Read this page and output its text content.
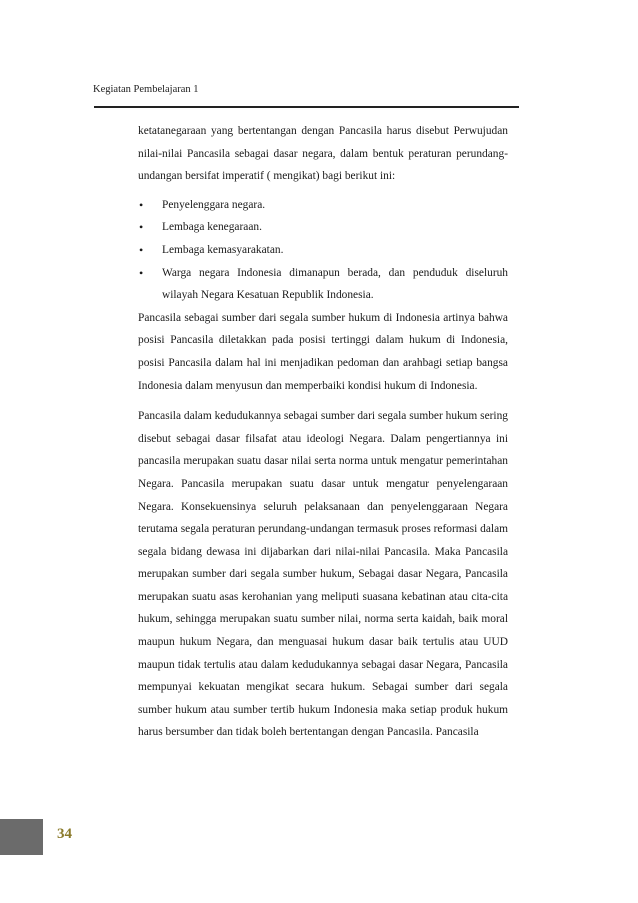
Kegiatan Pembelajaran 1

ketatanegaraan yang bertentangan dengan Pancasila harus disebut Perwujudan nilai-nilai Pancasila sebagai dasar negara, dalam bentuk peraturan perundang-undangan bersifat imperatif ( mengikat) bagi berikut ini:

• Penyelenggara negara.
• Lembaga kenegaraan.
• Lembaga kemasyarakatan.
• Warga negara Indonesia dimanapun berada, dan penduduk diseluruh wilayah Negara Kesatuan Republik Indonesia.

Pancasila sebagai sumber dari segala sumber hukum di Indonesia artinya bahwa posisi Pancasila diletakkan pada posisi tertinggi dalam hukum di Indonesia, posisi Pancasila dalam hal ini menjadikan pedoman dan arahbagi setiap bangsa Indonesia dalam menyusun dan memperbaiki kondisi hukum di Indonesia.

Pancasila dalam kedudukannya sebagai sumber dari segala sumber hukum sering disebut sebagai dasar filsafat atau ideologi Negara. Dalam pengertiannya ini pancasila merupakan suatu dasar nilai serta norma untuk mengatur pemerintahan Negara. Pancasila merupakan suatu dasar untuk mengatur penyelengaraan Negara. Konsekuensinya seluruh pelaksanaan dan penyelenggaraan Negara terutama segala peraturan perundang-undangan termasuk proses reformasi dalam segala bidang dewasa ini dijabarkan dari nilai-nilai Pancasila. Maka Pancasila merupakan sumber dari segala sumber hukum, Sebagai dasar Negara, Pancasila merupakan suatu asas kerohanian yang meliputi suasana kebatinan atau cita-cita hukum, sehingga merupakan suatu sumber nilai, norma serta kaidah, baik moral maupun hukum Negara, dan menguasai hukum dasar baik tertulis atau UUD maupun tidak tertulis atau dalam kedudukannya sebagai dasar Negara, Pancasila mempunyai kekuatan mengikat secara hukum. Sebagai sumber dari segala sumber hukum atau sumber tertib hukum Indonesia maka setiap produk hukum harus bersumber dan tidak boleh bertentangan dengan Pancasila. Pancasila

34
